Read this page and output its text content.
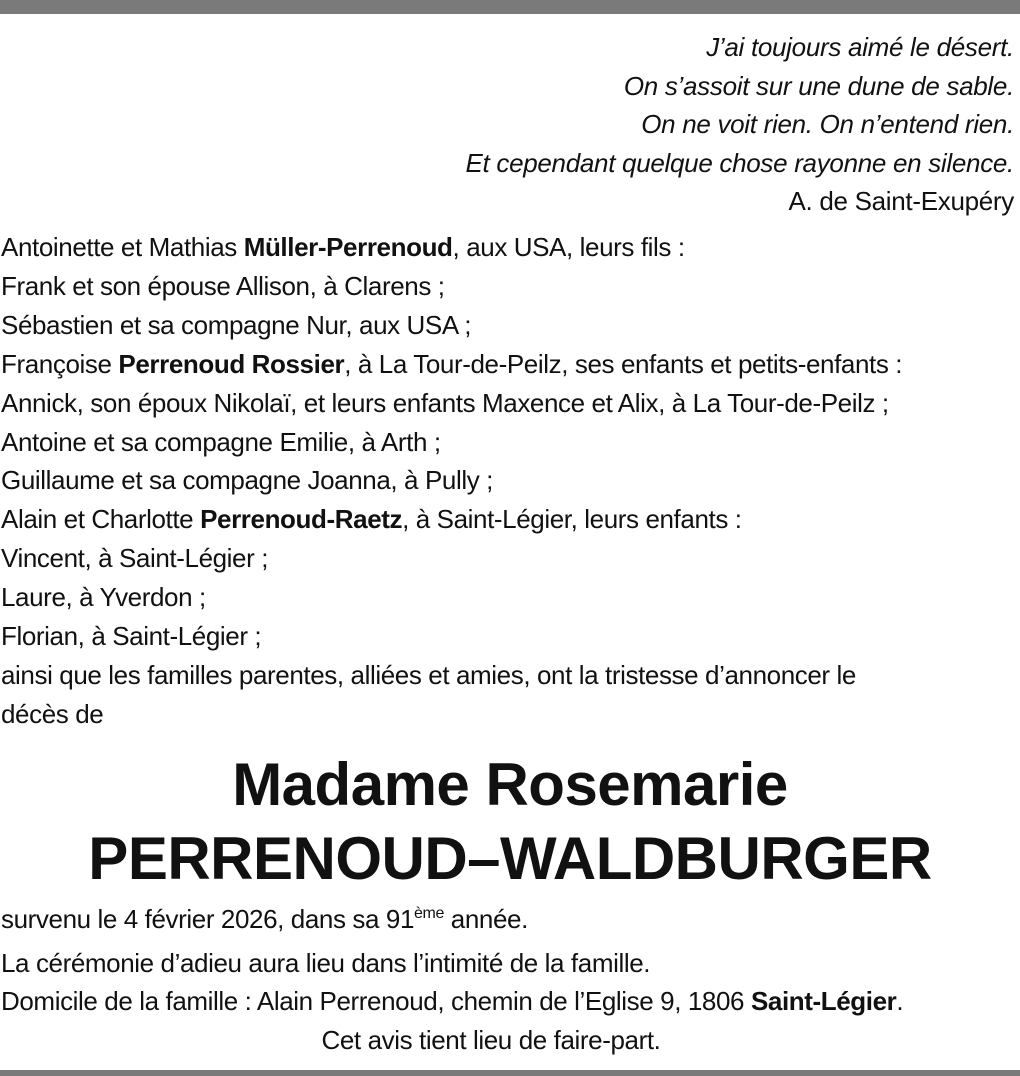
J’ai toujours aimé le désert.
On s’assoit sur une dune de sable.
On ne voit rien. On n’entend rien.
Et cependant quelque chose rayonne en silence.
A. de Saint-Exupéry
Antoinette et Mathias Müller-Perrenoud, aux USA, leurs fils :
Frank et son épouse Allison, à Clarens ;
Sébastien et sa compagne Nur, aux USA ;
Françoise Perrenoud Rossier, à La Tour-de-Peilz, ses enfants et petits-enfants :
Annick, son époux Nikolaï, et leurs enfants Maxence et Alix, à La Tour-de-Peilz ;
Antoine et sa compagne Emilie, à Arth ;
Guillaume et sa compagne Joanna, à Pully ;
Alain et Charlotte Perrenoud-Raetz, à Saint-Légier, leurs enfants :
Vincent, à Saint-Légier ;
Laure, à Yverdon ;
Florian, à Saint-Légier ;
ainsi que les familles parentes, alliées et amies, ont la tristesse d’annoncer le
décès de
Madame Rosemarie
PERRENOUD–WALDBURGER
survenu le 4 février 2026, dans sa 91ème année.
La cérémonie d’adieu aura lieu dans l’intimité de la famille.
Domicile de la famille : Alain Perrenoud, chemin de l’Eglise 9, 1806 Saint-Légier.
Cet avis tient lieu de faire-part.
